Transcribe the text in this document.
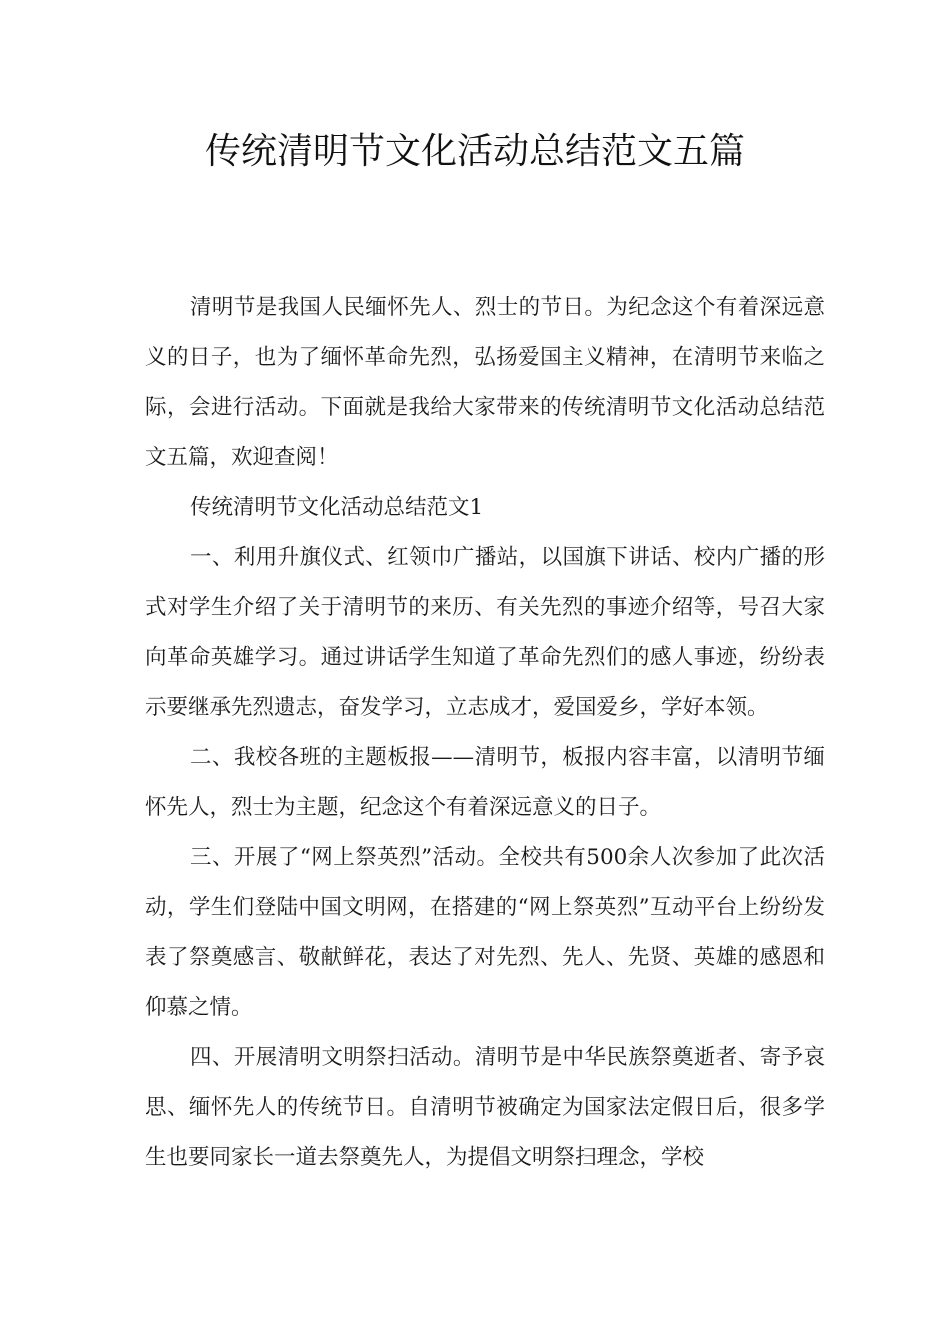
传统清明节文化活动总结范文五篇

清明节是我国人民缅怀先人、烈士的节日。为纪念这个有着深远意义的日子，也为了缅怀革命先烈，弘扬爱国主义精神，在清明节来临之际，会进行活动。下面就是我给大家带来的传统清明节文化活动总结范文五篇，欢迎查阅！

传统清明节文化活动总结范文1

一、利用升旗仪式、红领巾广播站，以国旗下讲话、校内广播的形式对学生介绍了关于清明节的来历、有关先烈的事迹介绍等，号召大家向革命英雄学习。通过讲话学生知道了革命先烈们的感人事迹，纷纷表示要继承先烈遗志，奋发学习，立志成才，爱国爱乡，学好本领。

二、我校各班的主题板报——清明节，板报内容丰富，以清明节缅怀先人，烈士为主题，纪念这个有着深远意义的日子。

三、开展了“网上祭英烈”活动。全校共有500余人次参加了此次活动，学生们登陆中国文明网，在搭建的“网上祭英烈”互动平台上纷纷发表了祭奠感言、敬献鲜花，表达了对先烈、先人、先贤、英雄的感恩和仰慕之情。

四、开展清明文明祭扫活动。清明节是中华民族祭奠逝者、寄予哀思、缅怀先人的传统节日。自清明节被确定为国家法定假日后，很多学生也要同家长一道去祭奠先人，为提倡文明祭扫理念，学校
